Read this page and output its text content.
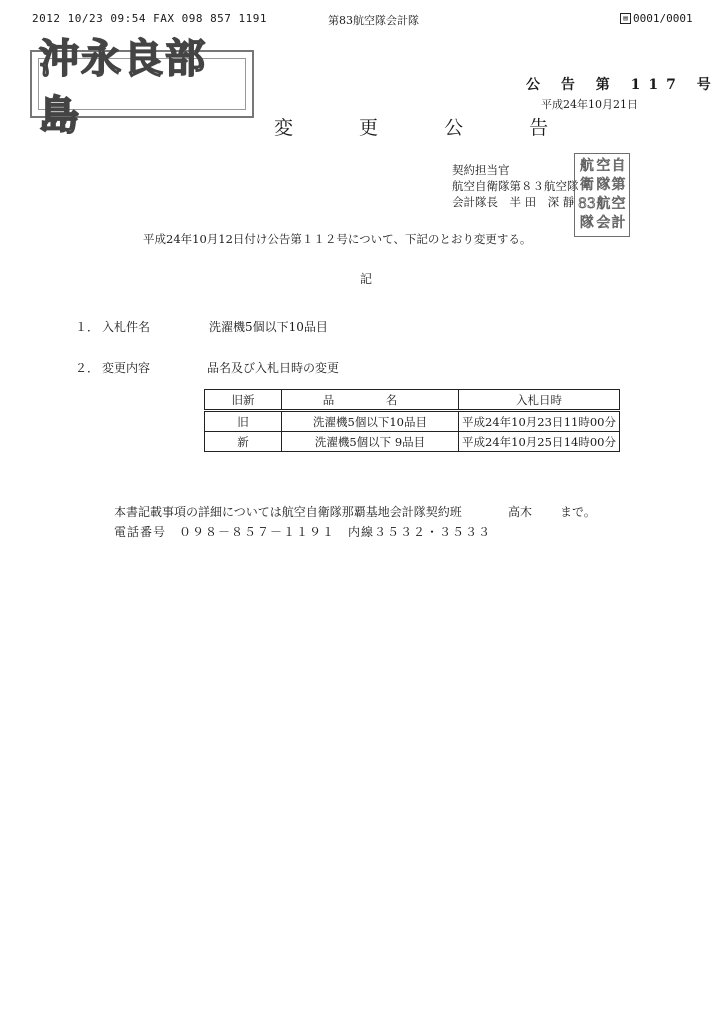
2012 10/23 09:54 FAX 098 857 1191	第83航空隊会計隊	▤ 0001/0001
沖永良部島
公 告 第 117 号
平成24年10月21日
変 更 公 告
契約担当官
航空自衛隊第８３航空隊
会計隊長　半 田　深 靜
航 空 自
衛 隊 第
83 航 空
隊 会 計
平成24年10月12日付け公告第１１２号について、下記のとおり変更する。
記
１． 入札件名	洗濯機5個以下10品目
２． 変更内容	品名及び入札日時の変更
旧新	品　名	入札日時
旧	洗濯機5個以下10品目	平成24年10月23日 11時00分

新	洗濯機5個以下 9品目	平成24年10月25日 14時00分
本書記載事項の詳細については航空自衛隊那覇基地会計隊契約班	高木 まで。
電話番号　０９８－８５７－１１９１　内線３５３２・３５３３
